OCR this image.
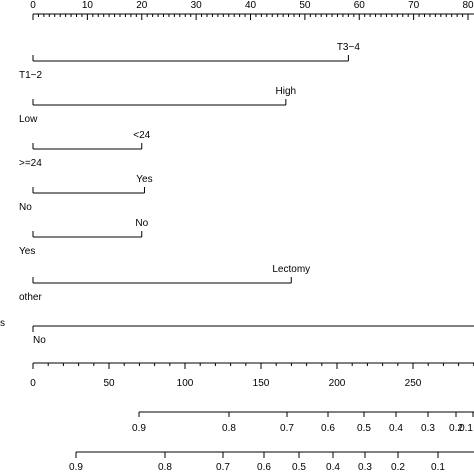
0	10	20	30	40	50	60	70	80
T1−2
T3−4
Low
High
>=24
<24
No
Yes
Yes
No
other
Lectomy
s
No
0	50	100	150	200	250
0.9	0.8	0.7	0.6 0.5 0.4 0.3 0.2
0.1
0.9	0.8	0.7	0.6 0.5 0.4 0.3 0.2	0.1
